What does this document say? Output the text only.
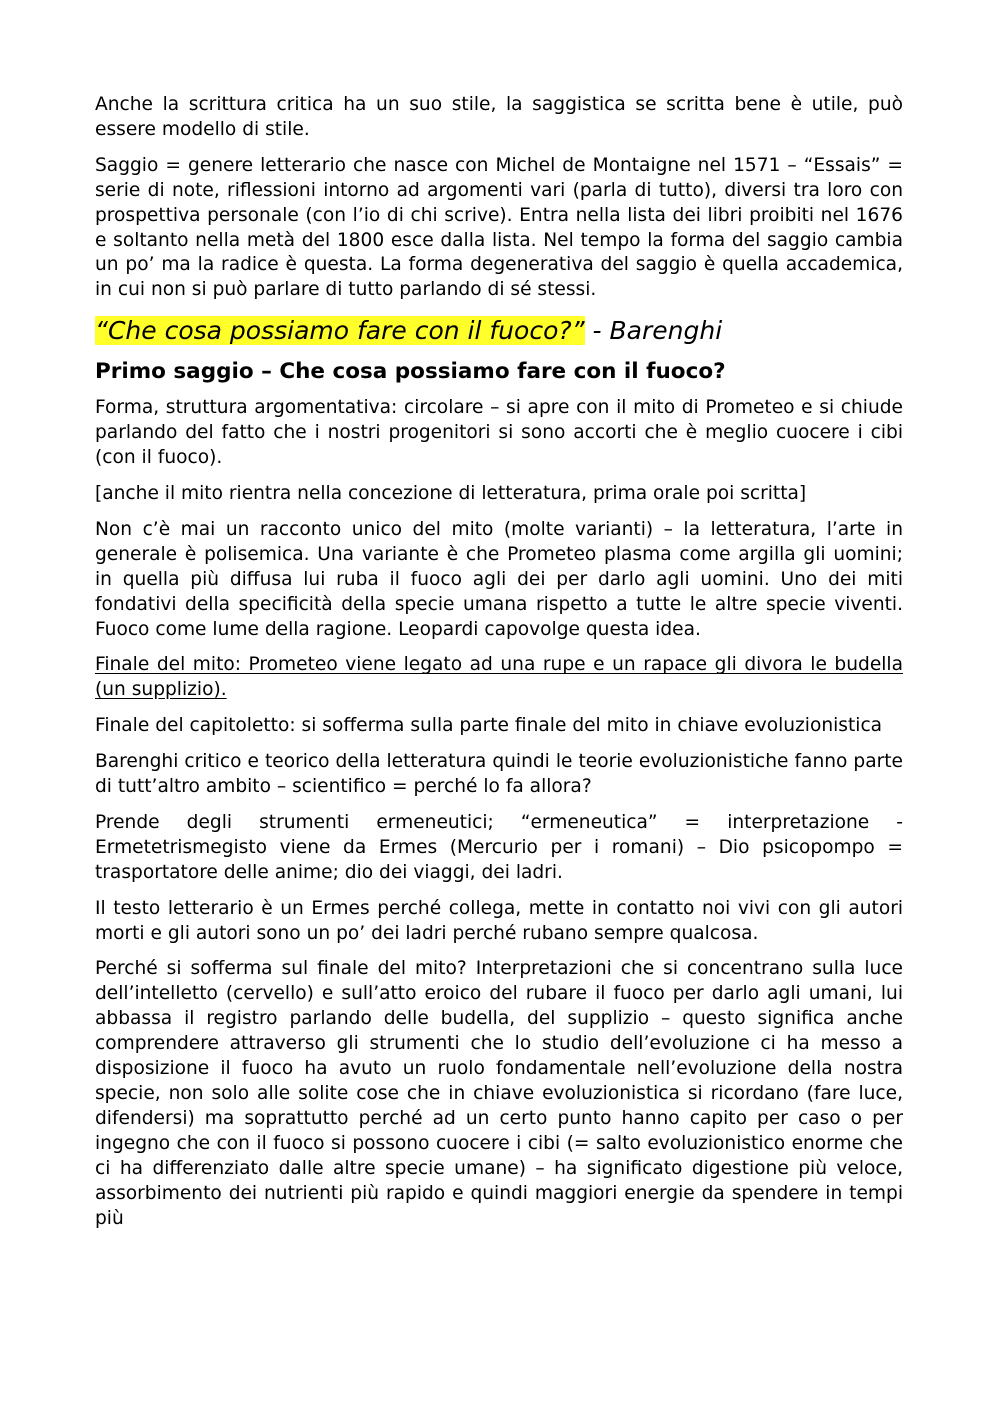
Anche la scrittura critica ha un suo stile, la saggistica se scritta bene è utile, può essere modello di stile.

Saggio = genere letterario che nasce con Michel de Montaigne nel 1571 – “Essais” = serie di note, riflessioni intorno ad argomenti vari (parla di tutto), diversi tra loro con prospettiva personale (con l’io di chi scrive). Entra nella lista dei libri proibiti nel 1676 e soltanto nella metà del 1800 esce dalla lista. Nel tempo la forma del saggio cambia un po’ ma la radice è questa. La forma degenerativa del saggio è quella accademica, in cui non si può parlare di tutto parlando di sé stessi.

“Che cosa possiamo fare con il fuoco?” - Barenghi
Primo saggio – Che cosa possiamo fare con il fuoco?

Forma, struttura argomentativa: circolare – si apre con il mito di Prometeo e si chiude parlando del fatto che i nostri progenitori si sono accorti che è meglio cuocere i cibi (con il fuoco).

[anche il mito rientra nella concezione di letteratura, prima orale poi scritta]

Non c’è mai un racconto unico del mito (molte varianti) – la letteratura, l’arte in generale è polisemica. Una variante è che Prometeo plasma come argilla gli uomini; in quella più diffusa lui ruba il fuoco agli dei per darlo agli uomini. Uno dei miti fondativi della specificità della specie umana rispetto a tutte le altre specie viventi. Fuoco come lume della ragione. Leopardi capovolge questa idea.

Finale del mito: Prometeo viene legato ad una rupe e un rapace gli divora le budella (un supplizio).

Finale del capitoletto: si sofferma sulla parte finale del mito in chiave evoluzionistica

Barenghi critico e teorico della letteratura quindi le teorie evoluzionistiche fanno parte di tutt’altro ambito – scientifico = perché lo fa allora?

Prende degli strumenti ermeneutici; “ermeneutica” = interpretazione - Ermetetrismegisto viene da Ermes (Mercurio per i romani) – Dio psicopompo = trasportatore delle anime; dio dei viaggi, dei ladri.

Il testo letterario è un Ermes perché collega, mette in contatto noi vivi con gli autori morti e gli autori sono un po’ dei ladri perché rubano sempre qualcosa.

Perché si sofferma sul finale del mito? Interpretazioni che si concentrano sulla luce dell’intelletto (cervello) e sull’atto eroico del rubare il fuoco per darlo agli umani, lui abbassa il registro parlando delle budella, del supplizio – questo significa anche comprendere attraverso gli strumenti che lo studio dell’evoluzione ci ha messo a disposizione il fuoco ha avuto un ruolo fondamentale nell’evoluzione della nostra specie, non solo alle solite cose che in chiave evoluzionistica si ricordano (fare luce, difendersi) ma soprattutto perché ad un certo punto hanno capito per caso o per ingegno che con il fuoco si possono cuocere i cibi (= salto evoluzionistico enorme che ci ha differenziato dalle altre specie umane) – ha significato digestione più veloce, assorbimento dei nutrienti più rapido e quindi maggiori energie da spendere in tempi più
